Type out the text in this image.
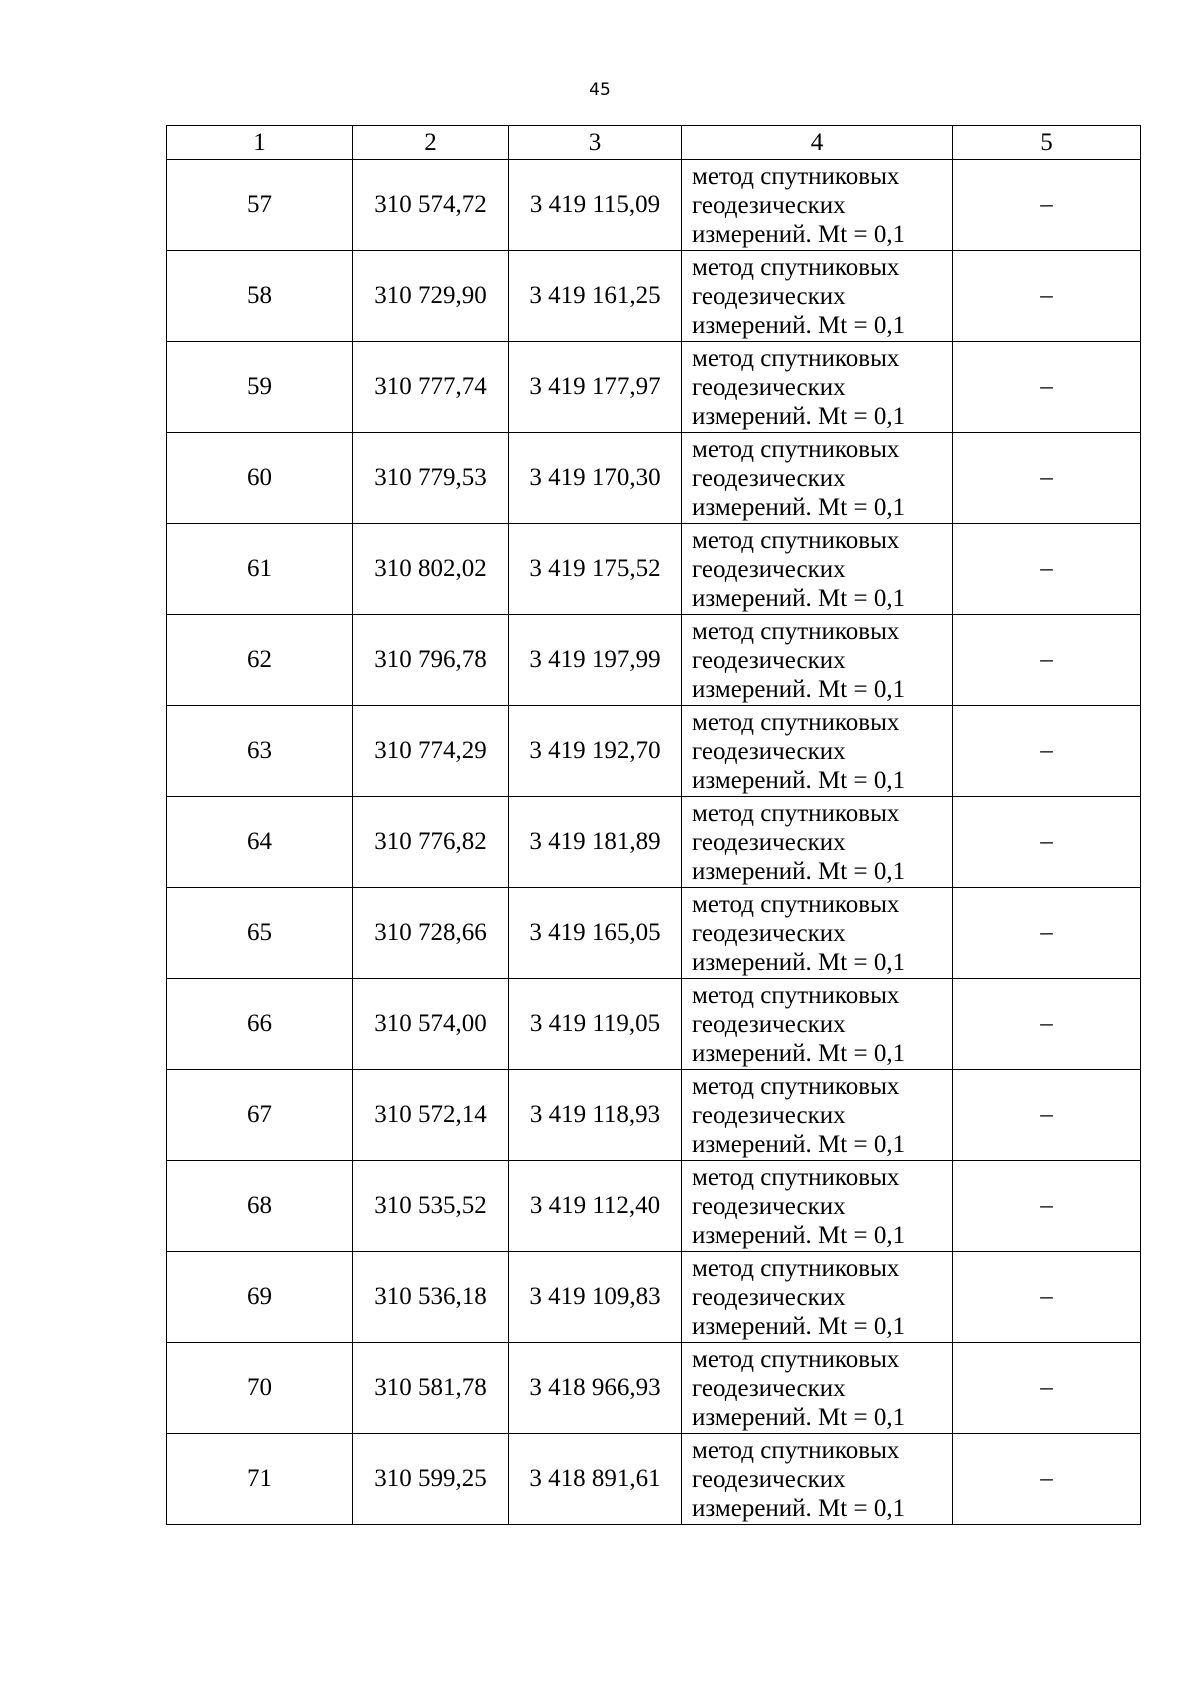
45
1	2	3	4	5
57	310 574,72	3 419 115,09	метод спутниковых
геодезических
измерений. Mt = 0,1	–
58	310 729,90	3 419 161,25	метод спутниковых
геодезических
измерений. Mt = 0,1	–
59	310 777,74	3 419 177,97	метод спутниковых
геодезических
измерений. Mt = 0,1	–
60	310 779,53	3 419 170,30	метод спутниковых
геодезических
измерений. Mt = 0,1	–
61	310 802,02	3 419 175,52	метод спутниковых
геодезических
измерений. Mt = 0,1	–
62	310 796,78	3 419 197,99	метод спутниковых
геодезических
измерений. Mt = 0,1	–
63	310 774,29	3 419 192,70	метод спутниковых
геодезических
измерений. Mt = 0,1	–
64	310 776,82	3 419 181,89	метод спутниковых
геодезических
измерений. Mt = 0,1	–
65	310 728,66	3 419 165,05	метод спутниковых
геодезических
измерений. Mt = 0,1	–
66	310 574,00	3 419 119,05	метод спутниковых
геодезических
измерений. Mt = 0,1	–
67	310 572,14	3 419 118,93	метод спутниковых
геодезических
измерений. Mt = 0,1	–
68	310 535,52	3 419 112,40	метод спутниковых
геодезических
измерений. Mt = 0,1	–
69	310 536,18	3 419 109,83	метод спутниковых
геодезических
измерений. Mt = 0,1	–
70	310 581,78	3 418 966,93	метод спутниковых
геодезических
измерений. Mt = 0,1	–
71	310 599,25	3 418 891,61	метод спутниковых
геодезических
измерений. Mt = 0,1	–
